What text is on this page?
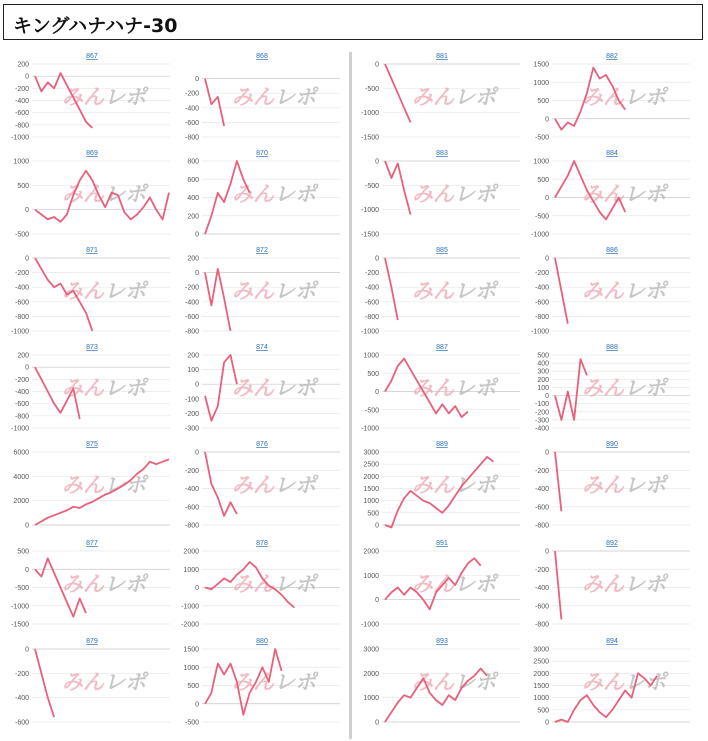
キングハナハナ-30
867
200
0
-200
-400
-600
-800
-1000
みんレポ
868
0
-200
-400
-600
-800
みんレポ
869
1000
500
0
-500
みんレポ
870
800
600
400
200
0
みんレポ
871
0
-200
-400
-600
-800
-1000
みんレポ
872
200
0
-200
-400
-600
-800
みんレポ
873
200
0
-200
-400
-600
-800
-1000
みんレポ
874
200
100
0
-100
-200
-300
みんレポ
875
6000
4000
2000
0
みんレポ
876
0
-200
-400
-600
-800
みんレポ
877
500
0
-500
-1000
-1500
みんレポ
878
2000
1000
0
-1000
-2000
みんレポ
879
0
-200
-400
-600
みんレポ
880
1500
1000
500
0
-500
みんレポ
881
0
-500
-1000
-1500
みんレポ
882
1500
1000
500
0
-500
みんレポ
883
0
-500
-1000
-1500
みんレポ
884
1000
500
0
-500
-1000
みんレポ
885
0
-200
-400
-600
-800
-1000
みんレポ
886
0
-200
-400
-600
-800
-1000
みんレポ
887
1000
500
0
-500
-1000
みんレポ
888
500
400
300
200
100
0
-100
-200
-300
-400
みんレポ
889
3000
2500
2000
1500
1000
500
0
みんレポ
890
0
-200
-400
-600
-800
みんレポ
891
2000
1000
0
-1000
みんレポ
892
0
-200
-400
-600
-800
みんレポ
893
3000
2000
1000
0
みんレポ
894
3000
2500
2000
1500
1000
500
0
みんレポ
